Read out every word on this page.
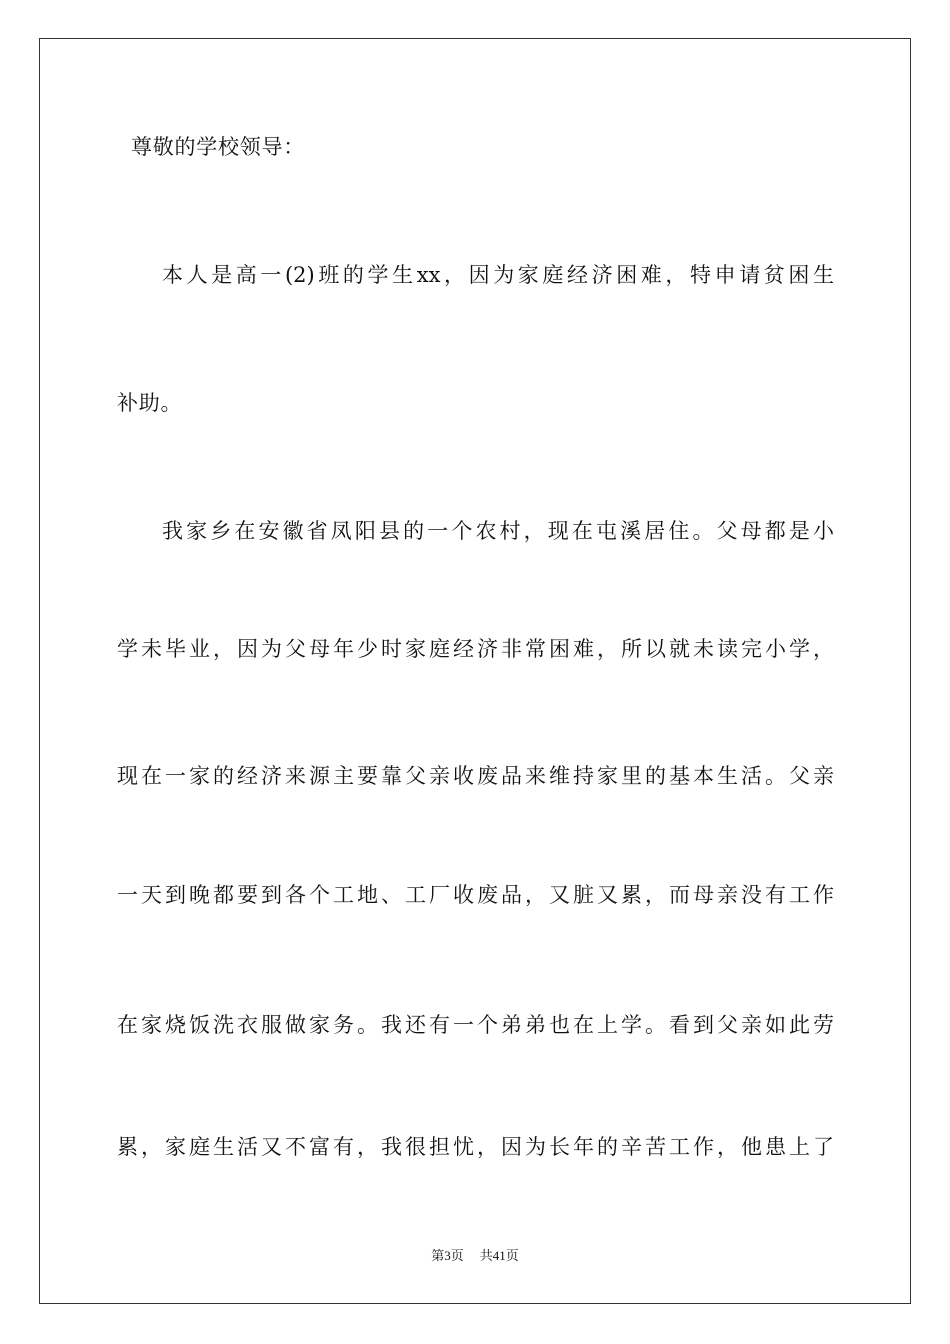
尊敬的学校领导：
本人是高一(2)班的学生xx，因为家庭经济困难，特申请贫困生
补助。
我家乡在安徽省凤阳县的一个农村，现在屯溪居住。父母都是小
学未毕业，因为父母年少时家庭经济非常困难，所以就未读完小学，
现在一家的经济来源主要靠父亲收废品来维持家里的基本生活。父亲
一天到晚都要到各个工地、工厂收废品，又脏又累，而母亲没有工作
在家烧饭洗衣服做家务。我还有一个弟弟也在上学。看到父亲如此劳
累，家庭生活又不富有，我很担忧，因为长年的辛苦工作，他患上了
第3页 共41页
